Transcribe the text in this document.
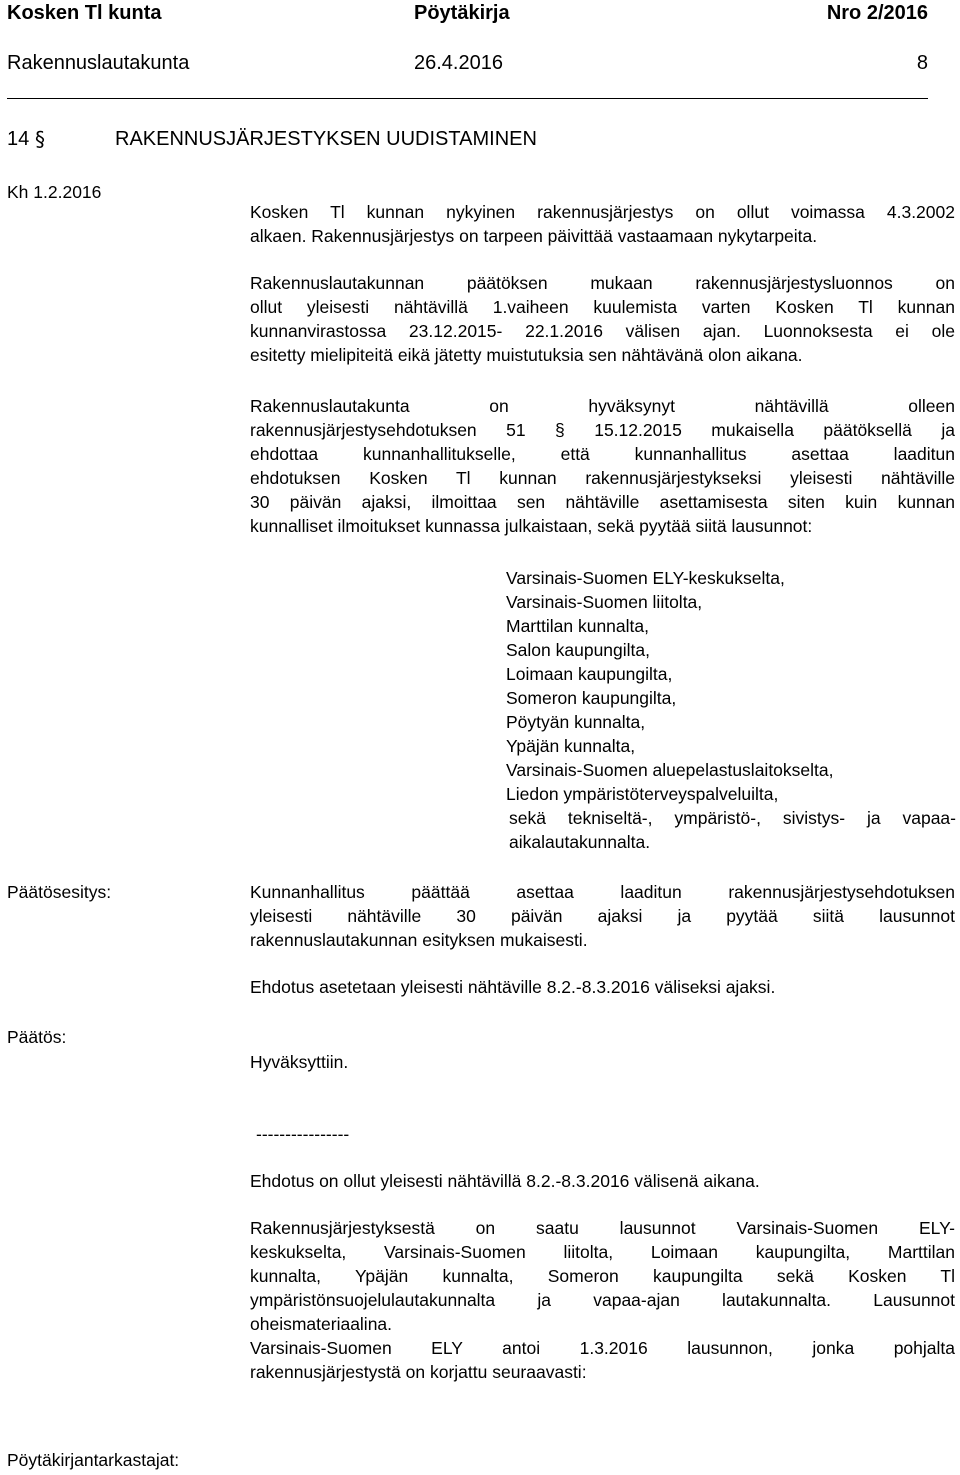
Kosken Tl kunta	Pöytäkirja	Nro 2/2016
Rakennuslautakunta	26.4.2016	8
14 §	RAKENNUSJÄRJESTYKSEN UUDISTAMINEN
Kh 1.2.2016
Kosken Tl kunnan nykyinen rakennusjärjestys on ollut voimassa 4.3.2002
alkaen. Rakennusjärjestys on tarpeen päivittää vastaamaan nykytarpeita.
Rakennuslautakunnan päätöksen mukaan rakennusjärjestysluonnos on
ollut yleisesti nähtävillä 1.vaiheen kuulemista varten Kosken Tl kunnan
kunnanvirastossa 23.12.2015- 22.1.2016 välisen ajan. Luonnoksesta ei ole
esitetty mielipiteitä eikä jätetty muistutuksia sen nähtävänä olon aikana.
Rakennuslautakunta on hyväksynyt nähtävillä olleen
rakennusjärjestysehdotuksen 51 § 15.12.2015 mukaisella päätöksellä ja
ehdottaa kunnanhallitukselle, että kunnanhallitus asettaa laaditun
ehdotuksen Kosken Tl kunnan rakennusjärjestykseksi yleisesti nähtäville
30 päivän ajaksi, ilmoittaa sen nähtäville asettamisesta siten kuin kunnan
kunnalliset ilmoitukset kunnassa julkaistaan, sekä pyytää siitä lausunnot:
Varsinais-Suomen ELY-keskukselta,
Varsinais-Suomen liitolta,
Marttilan kunnalta,
Salon kaupungilta,
Loimaan kaupungilta,
Someron kaupungilta,
Pöytyän kunnalta,
Ypäjän kunnalta,
Varsinais-Suomen aluepelastuslaitokselta,
Liedon ympäristöterveyspalveluilta,
sekä tekniseltä-, ympäristö-, sivistys- ja vapaa-
aikalautakunnalta.
Päätösesitys:	Kunnanhallitus päättää asettaa laaditun rakennusjärjestysehdotuksen
yleisesti nähtäville 30 päivän ajaksi ja pyytää siitä lausunnot
rakennuslautakunnan esityksen mukaisesti.
Ehdotus asetetaan yleisesti nähtäville 8.2.-8.3.2016 väliseksi ajaksi.
Päätös:
Hyväksyttiin.
----------------
Ehdotus on ollut yleisesti nähtävillä 8.2.-8.3.2016 välisenä aikana.
Rakennusjärjestyksestä on saatu lausunnot Varsinais-Suomen ELY-
keskukselta, Varsinais-Suomen liitolta, Loimaan kaupungilta, Marttilan
kunnalta, Ypäjän kunnalta, Someron kaupungilta sekä Kosken Tl
ympäristönsuojelulautakunnalta ja vapaa-ajan lautakunnalta. Lausunnot
oheismateriaalina.
Varsinais-Suomen ELY antoi 1.3.2016 lausunnon, jonka pohjalta
rakennusjärjestystä on korjattu seuraavasti:
Pöytäkirjantarkastajat:
